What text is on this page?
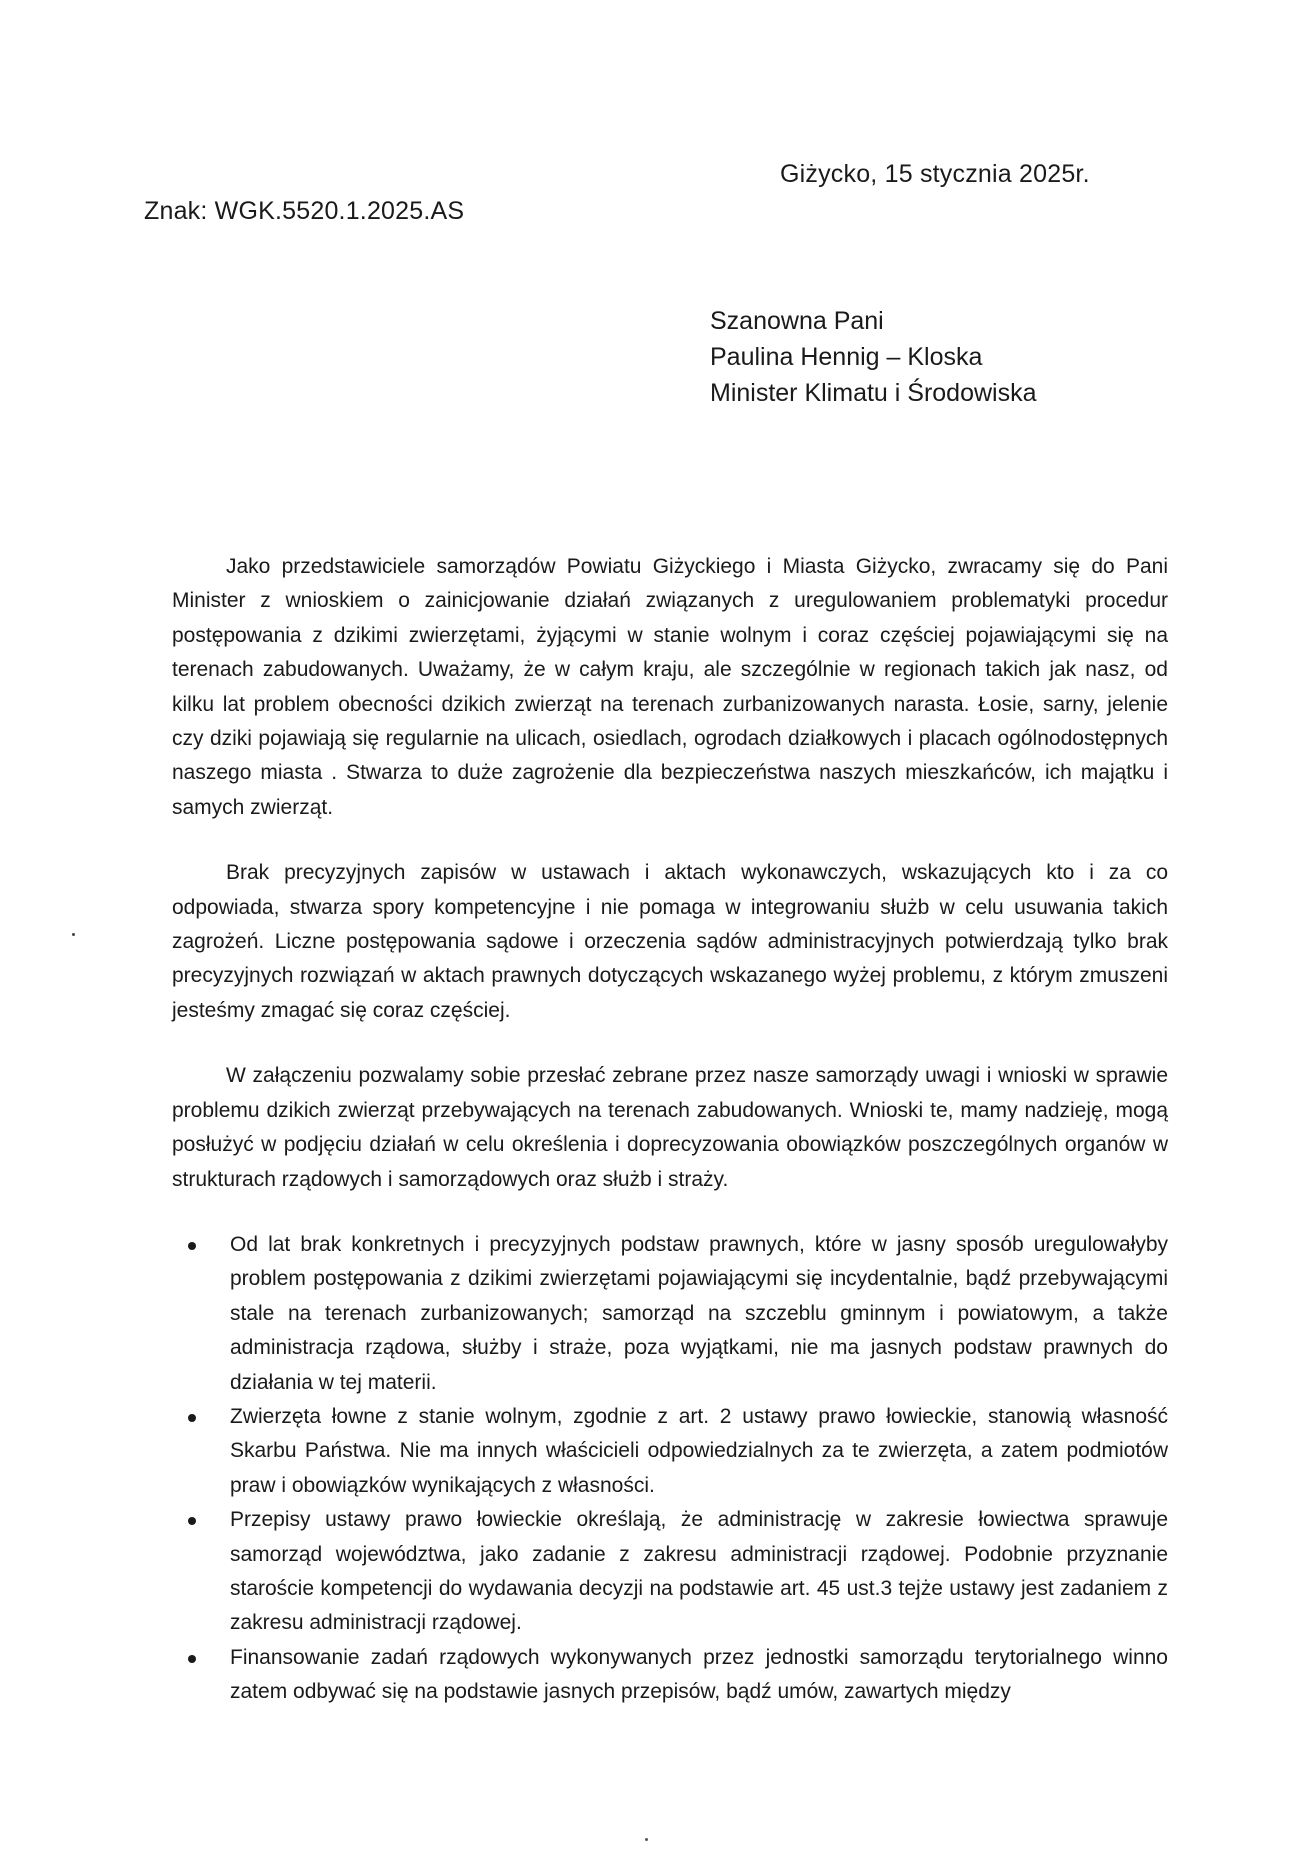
Giżycko, 15 stycznia 2025r.
Znak: WGK.5520.1.2025.AS
Szanowna Pani
Paulina Hennig – Kloska
Minister Klimatu i Środowiska

Jako przedstawiciele samorządów Powiatu Giżyckiego i Miasta Giżycko, zwracamy się do Pani Minister z wnioskiem o zainicjowanie działań związanych z uregulowaniem problematyki procedur postępowania z dzikimi zwierzętami, żyjącymi w stanie wolnym i coraz częściej pojawiającymi się na terenach zabudowanych. Uważamy, że w całym kraju, ale szczególnie w regionach takich jak nasz, od kilku lat problem obecności dzikich zwierząt na terenach zurbanizowanych narasta. Łosie, sarny, jelenie czy dziki pojawiają się regularnie na ulicach, osiedlach, ogrodach działkowych i placach ogólnodostępnych naszego miasta . Stwarza to duże zagrożenie dla bezpieczeństwa naszych mieszkańców, ich majątku i samych zwierząt.

Brak precyzyjnych zapisów w ustawach i aktach wykonawczych, wskazujących kto i za co odpowiada, stwarza spory kompetencyjne i nie pomaga w integrowaniu służb w celu usuwania takich zagrożeń. Liczne postępowania sądowe i orzeczenia sądów administracyjnych potwierdzają tylko brak precyzyjnych rozwiązań w aktach prawnych dotyczących wskazanego wyżej problemu, z którym zmuszeni jesteśmy zmagać się coraz częściej.

W załączeniu pozwalamy sobie przesłać zebrane przez nasze samorządy uwagi i wnioski w sprawie problemu dzikich zwierząt przebywających na terenach zabudowanych. Wnioski te, mamy nadzieję, mogą posłużyć w podjęciu działań w celu określenia i doprecyzowania obowiązków poszczególnych organów w strukturach rządowych i samorządowych oraz służb i straży.

Od lat brak konkretnych i precyzyjnych podstaw prawnych, które w jasny sposób uregulowałyby problem postępowania z dzikimi zwierzętami pojawiającymi się incydentalnie, bądź przebywającymi stale na terenach zurbanizowanych; samorząd na szczeblu gminnym i powiatowym, a także administracja rządowa, służby i straże, poza wyjątkami, nie ma jasnych podstaw prawnych do działania w tej materii.
Zwierzęta łowne z stanie wolnym, zgodnie z art. 2 ustawy prawo łowieckie, stanowią własność Skarbu Państwa. Nie ma innych właścicieli odpowiedzialnych za te zwierzęta, a zatem podmiotów praw i obowiązków wynikających z własności.
Przepisy ustawy prawo łowieckie określają, że administrację w zakresie łowiectwa sprawuje samorząd województwa, jako zadanie z zakresu administracji rządowej. Podobnie przyznanie staroście kompetencji do wydawania decyzji na podstawie art. 45 ust.3 tejże ustawy jest zadaniem z zakresu administracji rządowej.
Finansowanie zadań rządowych wykonywanych przez jednostki samorządu terytorialnego winno zatem odbywać się na podstawie jasnych przepisów, bądź umów, zawartych między
